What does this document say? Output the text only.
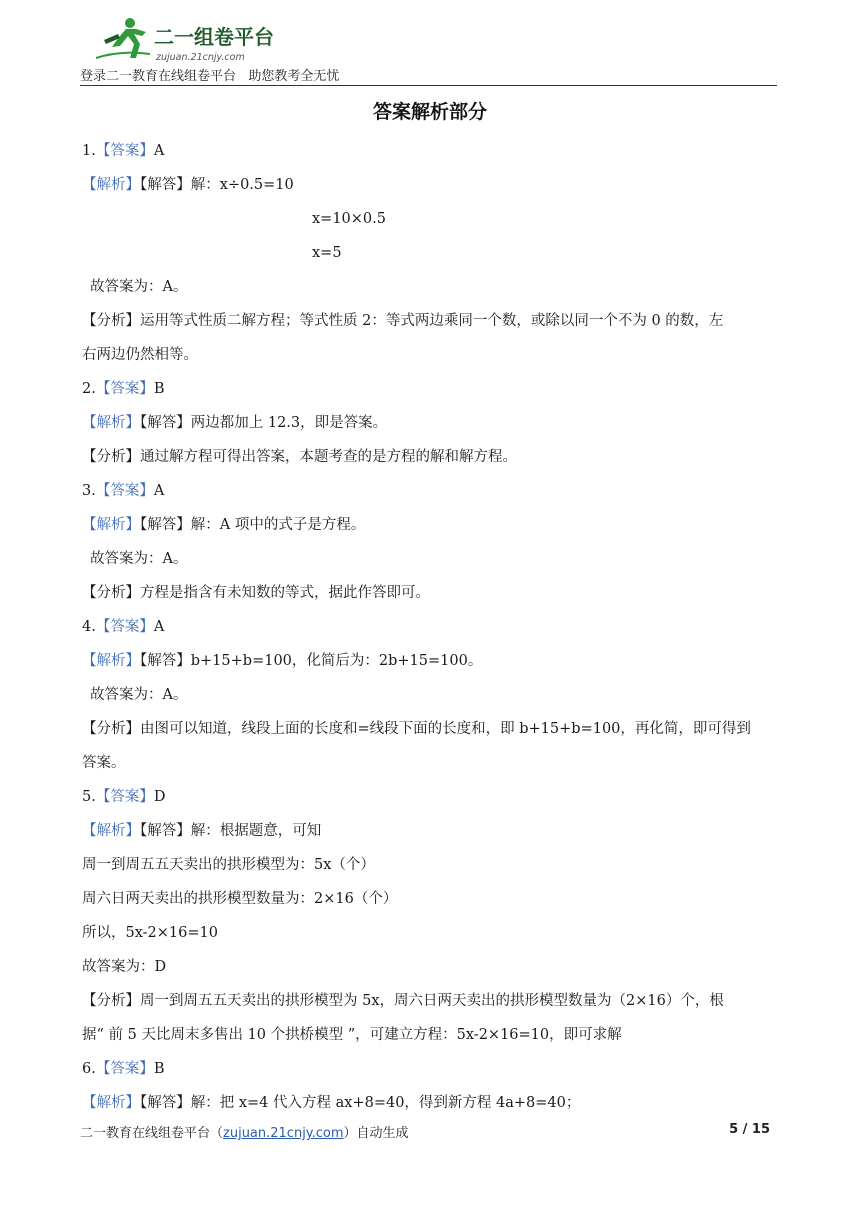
二一组卷平台
zujuan.21cnjy.com
登录二一教育在线组卷平台   助您教考全无忧
答案解析部分
1.【答案】A
【解析】【解答】解：x÷0.5=10
x=10×0.5
x=5
故答案为：A。
【分析】运用等式性质二解方程；等式性质 2：等式两边乘同一个数，或除以同一个不为 0 的数，左
右两边仍然相等。
2.【答案】B
【解析】【解答】两边都加上 12.3，即是答案。
【分析】通过解方程可得出答案，本题考查的是方程的解和解方程。
3.【答案】A
【解析】【解答】解：A 项中的式子是方程。
故答案为：A。
【分析】方程是指含有未知数的等式，据此作答即可。
4.【答案】A
【解析】【解答】b+15+b=100，化简后为：2b+15=100。
故答案为：A。
【分析】由图可以知道，线段上面的长度和=线段下面的长度和，即 b+15+b=100，再化简，即可得到
答案。
5.【答案】D
【解析】【解答】解：根据题意，可知
周一到周五五天卖出的拱形模型为：5x（个）
周六日两天卖出的拱形模型数量为：2×16（个）
所以，5x-2×16=10
故答案为：D
【分析】周一到周五五天卖出的拱形模型为 5x，周六日两天卖出的拱形模型数量为（2×16）个，根
据“ 前 5 天比周末多售出 10 个拱桥模型 ”，可建立方程：5x-2×16=10，即可求解
6.【答案】B
【解析】【解答】解：把 x=4 代入方程 ax+8=40，得到新方程 4a+8=40；
二一教育在线组卷平台（zujuan.21cnjy.com）自动生成	5 / 15
